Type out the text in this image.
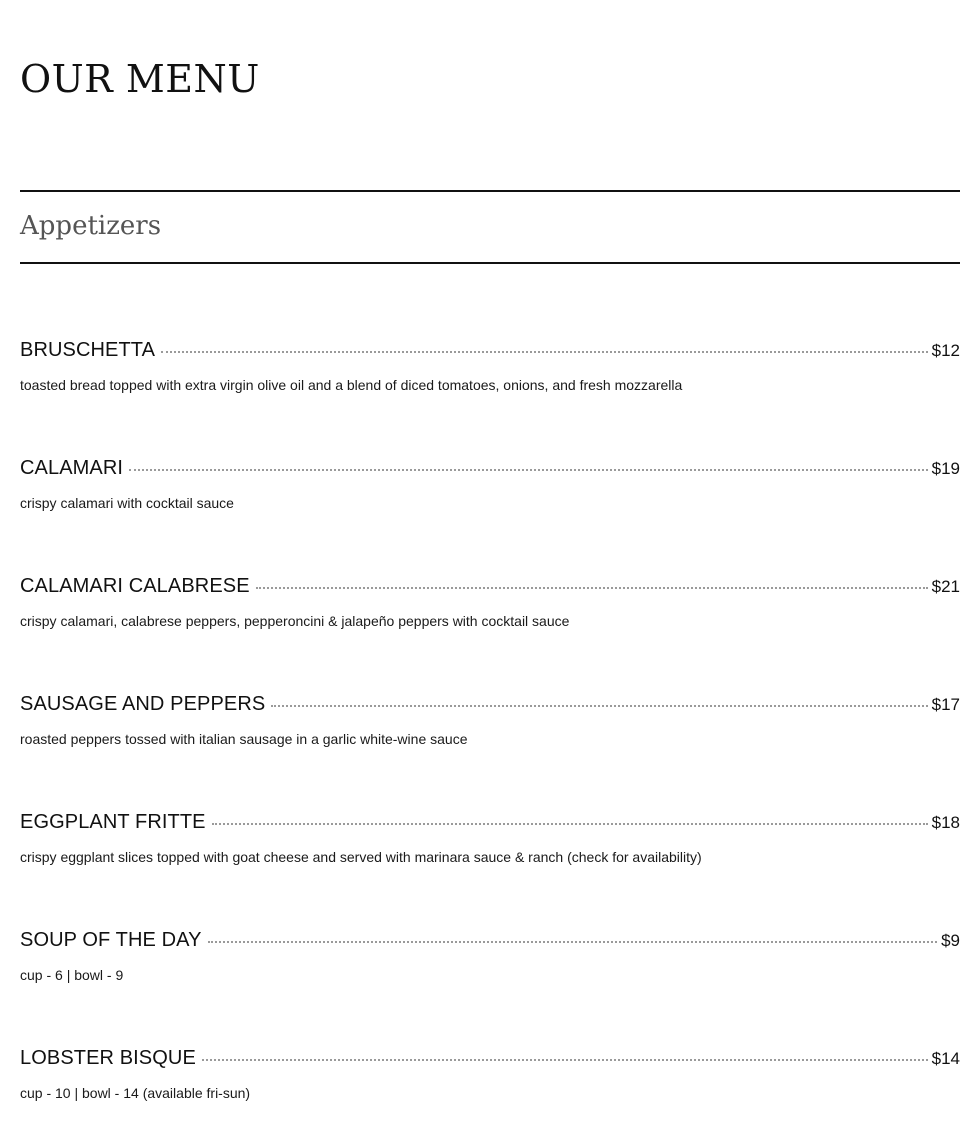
OUR MENU
Appetizers
BRUSCHETTA	$12
toasted bread topped with extra virgin olive oil and a blend of diced tomatoes, onions, and fresh mozzarella
CALAMARI	$19
crispy calamari with cocktail sauce
CALAMARI CALABRESE	$21
crispy calamari, calabrese peppers, pepperoncini & jalapeño peppers with cocktail sauce
SAUSAGE AND PEPPERS	$17
roasted peppers tossed with italian sausage in a garlic white-wine sauce
EGGPLANT FRITTE	$18
crispy eggplant slices topped with goat cheese and served with marinara sauce & ranch (check for availability)
SOUP OF THE DAY	$9
cup - 6 | bowl - 9
LOBSTER BISQUE	$14
cup - 10 | bowl - 14 (available fri-sun)
